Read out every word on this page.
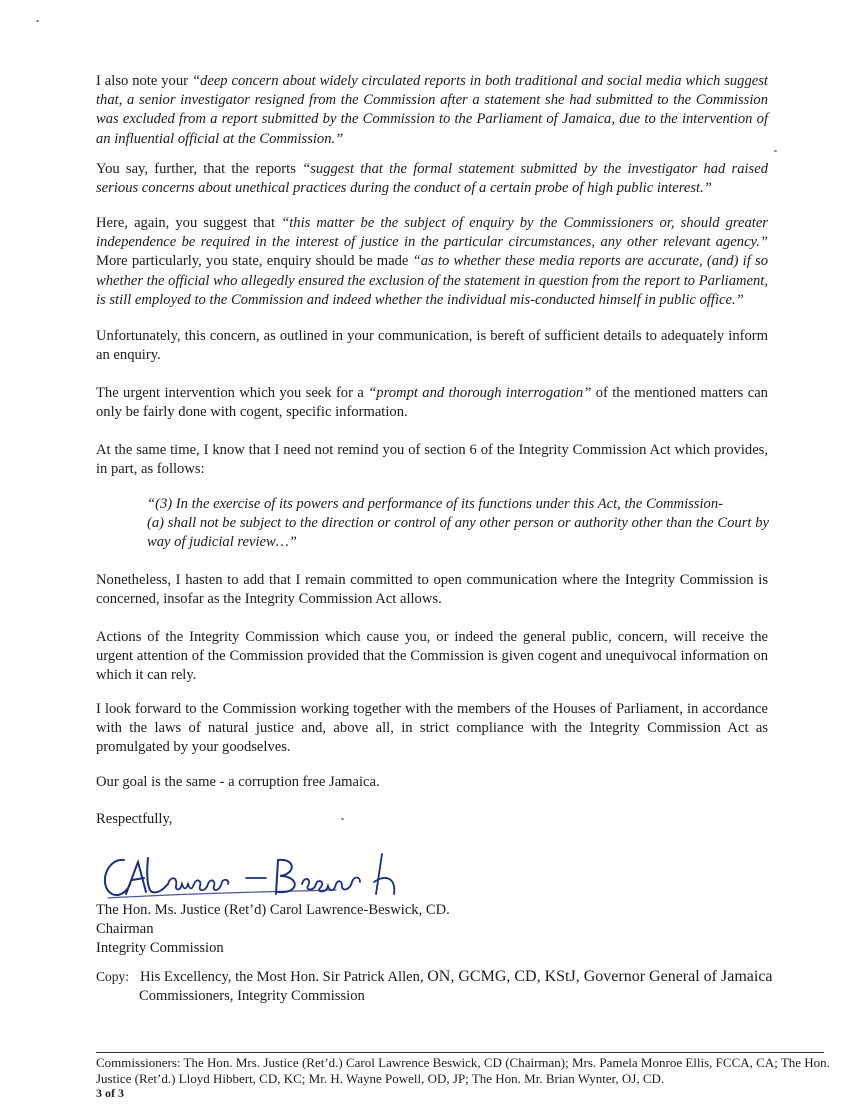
I also note your “deep concern about widely circulated reports in both traditional and social media which suggest that, a senior investigator resigned from the Commission after a statement she had submitted to the Commission was excluded from a report submitted by the Commission to the Parliament of Jamaica, due to the intervention of an influential official at the Commission.”
You say, further, that the reports “suggest that the formal statement submitted by the investigator had raised serious concerns about unethical practices during the conduct of a certain probe of high public interest.”
Here, again, you suggest that “this matter be the subject of enquiry by the Commissioners or, should greater independence be required in the interest of justice in the particular circumstances, any other relevant agency.” More particularly, you state, enquiry should be made “as to whether these media reports are accurate, (and) if so whether the official who allegedly ensured the exclusion of the statement in question from the report to Parliament, is still employed to the Commission and indeed whether the individual mis-conducted himself in public office.”
Unfortunately, this concern, as outlined in your communication, is bereft of sufficient details to adequately inform an enquiry.
The urgent intervention which you seek for a “prompt and thorough interrogation” of the mentioned matters can only be fairly done with cogent, specific information.
At the same time, I know that I need not remind you of section 6 of the Integrity Commission Act which provides, in part, as follows:
“(3) In the exercise of its powers and performance of its functions under this Act, the Commission-
(a) shall not be subject to the direction or control of any other person or authority other than the Court by way of judicial review…”
Nonetheless, I hasten to add that I remain committed to open communication where the Integrity Commission is concerned, insofar as the Integrity Commission Act allows.
Actions of the Integrity Commission which cause you, or indeed the general public, concern, will receive the urgent attention of the Commission provided that the Commission is given cogent and unequivocal information on which it can rely.
I look forward to the Commission working together with the members of the Houses of Parliament, in accordance with the laws of natural justice and, above all, in strict compliance with the Integrity Commission Act as promulgated by your goodselves.
Our goal is the same - a corruption free Jamaica.
Respectfully,
The Hon. Ms. Justice (Ret’d) Carol Lawrence-Beswick, CD.
Chairman
Integrity Commission
Copy: His Excellency, the Most Hon. Sir Patrick Allen, ON, GCMG, CD, KStJ, Governor General of Jamaica
Commissioners, Integrity Commission
Commissioners: The Hon. Mrs. Justice (Ret’d.) Carol Lawrence Beswick, CD (Chairman); Mrs. Pamela Monroe Ellis, FCCA, CA; The Hon. Justice (Ret’d.) Lloyd Hibbert, CD, KC; Mr. H. Wayne Powell, OD, JP; The Hon. Mr. Brian Wynter, OJ, CD.
3 of 3
